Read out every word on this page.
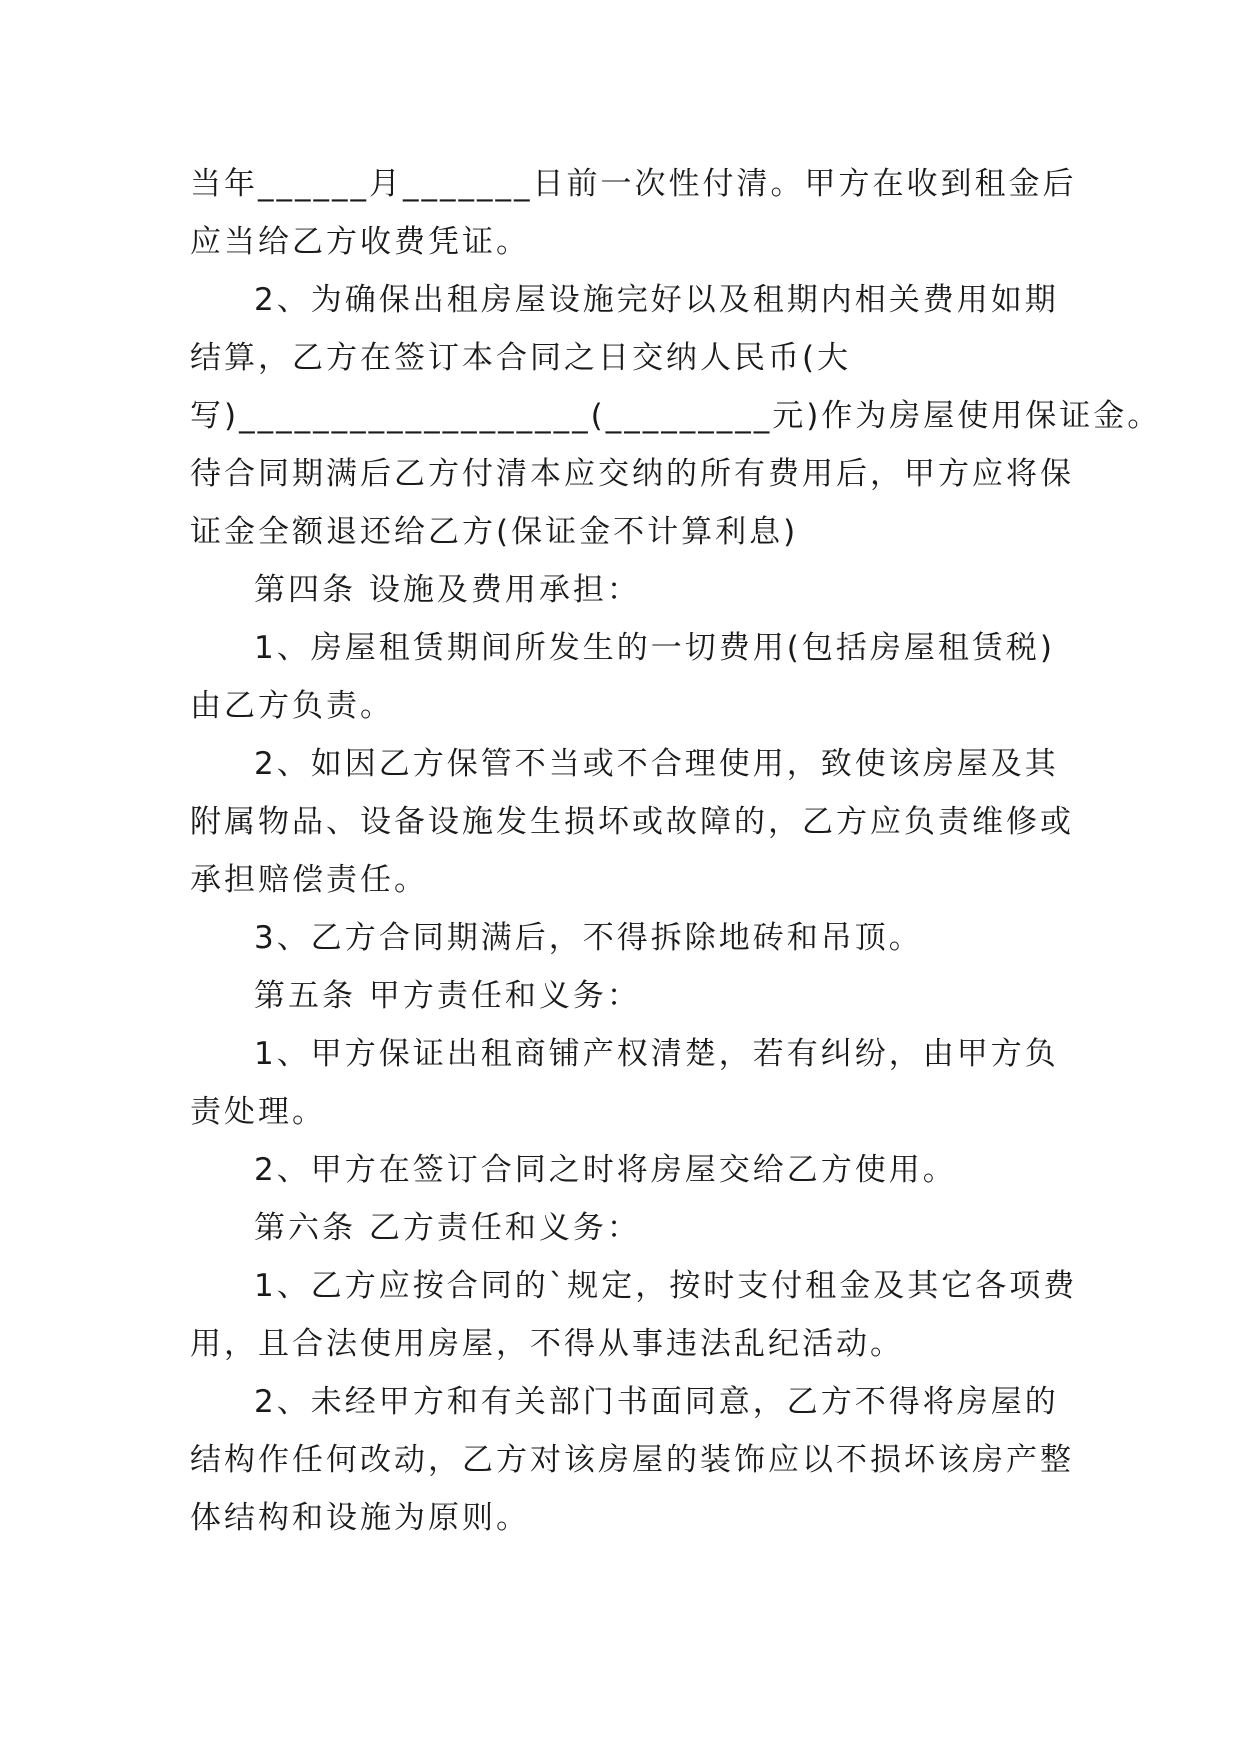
当年______月_______日前一次性付清。甲方在收到租金后
应当给乙方收费凭证。
2、为确保出租房屋设施完好以及租期内相关费用如期
结算，乙方在签订本合同之日交纳人民币(大
写)___________________(_________元)作为房屋使用保证金。
待合同期满后乙方付清本应交纳的所有费用后，甲方应将保
证金全额退还给乙方(保证金不计算利息)
第四条 设施及费用承担：
1、房屋租赁期间所发生的一切费用(包括房屋租赁税)
由乙方负责。
2、如因乙方保管不当或不合理使用，致使该房屋及其
附属物品、设备设施发生损坏或故障的，乙方应负责维修或
承担赔偿责任。
3、乙方合同期满后，不得拆除地砖和吊顶。
第五条 甲方责任和义务：
1、甲方保证出租商铺产权清楚，若有纠纷，由甲方负
责处理。
2、甲方在签订合同之时将房屋交给乙方使用。
第六条 乙方责任和义务：
1、乙方应按合同的`规定，按时支付租金及其它各项费
用，且合法使用房屋，不得从事违法乱纪活动。
2、未经甲方和有关部门书面同意，乙方不得将房屋的
结构作任何改动，乙方对该房屋的装饰应以不损坏该房产整
体结构和设施为原则。
